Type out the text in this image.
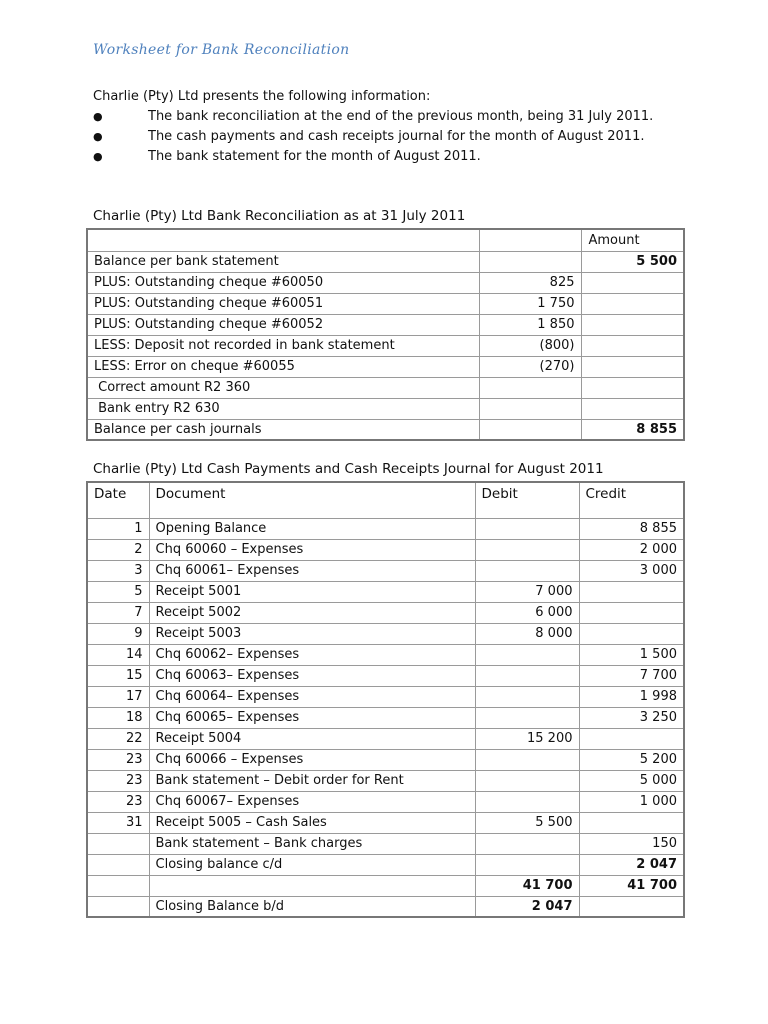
Worksheet for Bank Reconciliation
Charlie (Pty) Ltd presents the following information:
●	The bank reconciliation at the end of the previous month, being 31 July 2011.
●	The cash payments and cash receipts journal for the month of August 2011.
●	The bank statement for the month of August 2011.
Charlie (Pty) Ltd Bank Reconciliation as at 31 July 2011
		Amount
Balance per bank statement		5 500
PLUS: Outstanding cheque #60050	825	
PLUS: Outstanding cheque #60051	1 750	
PLUS: Outstanding cheque #60052	1 850	
LESS: Deposit not recorded in bank statement	(800)	
LESS: Error on cheque #60055	(270)	
Correct amount R2 360		
Bank entry R2 630		
Balance per cash journals		8 855
Charlie (Pty) Ltd Cash Payments and Cash Receipts Journal for August 2011
Date	Document	Debit	Credit
1	Opening Balance		8 855
2	Chq 60060 – Expenses		2 000
3	Chq 60061– Expenses		3 000
5	Receipt 5001	7 000	
7	Receipt 5002	6 000	
9	Receipt 5003	8 000	
14	Chq 60062– Expenses		1 500
15	Chq 60063– Expenses		7 700
17	Chq 60064– Expenses		1 998
18	Chq 60065– Expenses		3 250
22	Receipt 5004	15 200	
23	Chq 60066 – Expenses		5 200
23	Bank statement – Debit order for Rent		5 000
23	Chq 60067– Expenses		1 000
31	Receipt 5005 – Cash Sales	5 500	
	Bank statement – Bank charges		150
	Closing balance c/d		2 047
		41 700	41 700
	Closing Balance b/d	2 047	
